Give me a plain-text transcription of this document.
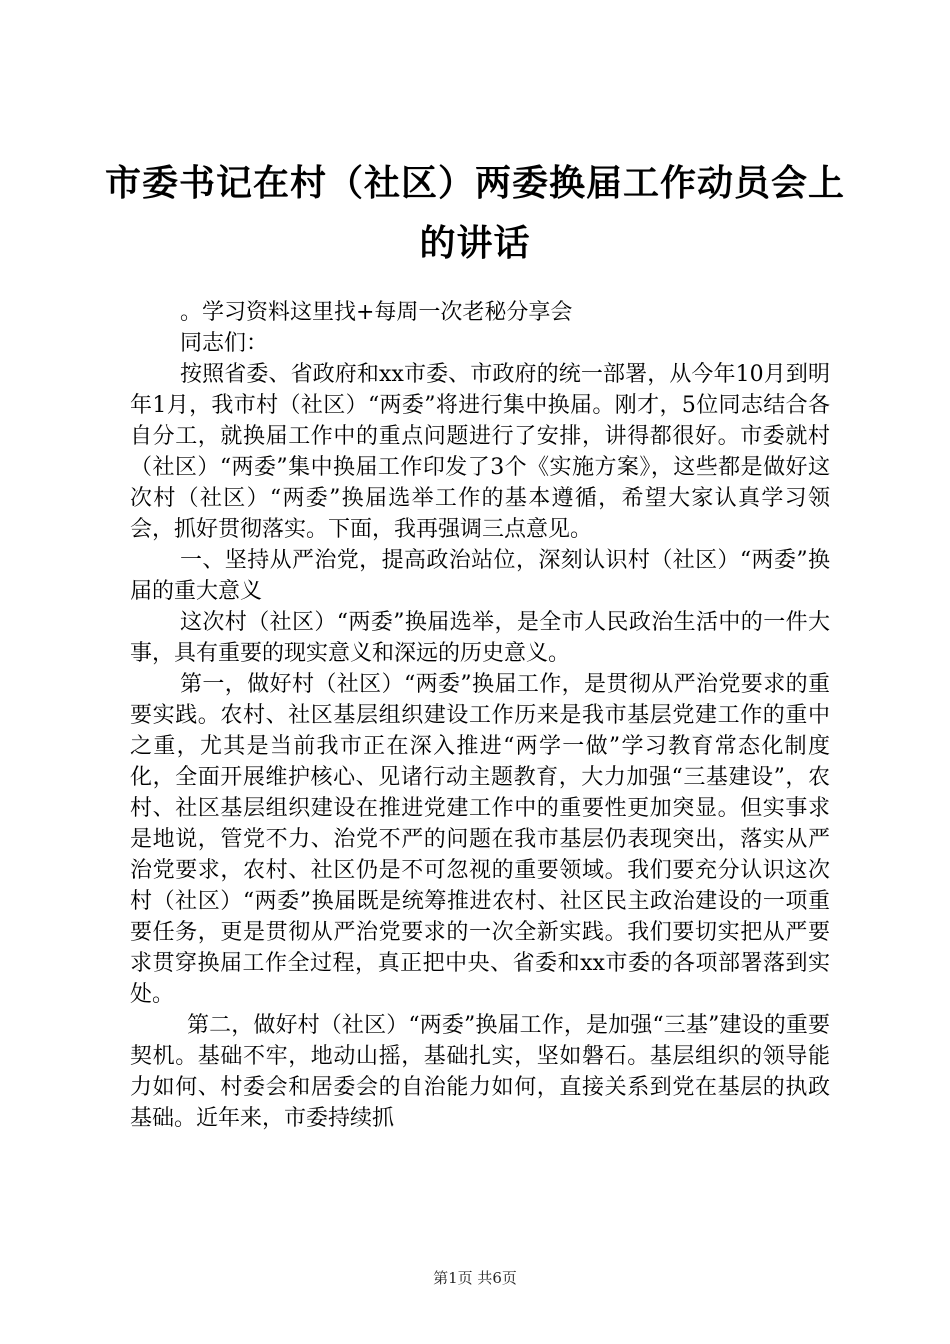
市委书记在村（社区）两委换届工作动员会上
的讲话

。学习资料这里找+每周一次老秘分享会

同志们：

按照省委、省政府和xx市委、市政府的统一部署，从今年10月到明年1月，我市村（社区）“两委”将进行集中换届。刚才，5位同志结合各自分工，就换届工作中的重点问题进行了安排，讲得都很好。市委就村（社区）“两委”集中换届工作印发了3个《实施方案》，这些都是做好这次村（社区）“两委”换届选举工作的基本遵循，希望大家认真学习领会，抓好贯彻落实。下面，我再强调三点意见。

一、坚持从严治党，提高政治站位，深刻认识村（社区）“两委”换届的重大意义

这次村（社区）“两委”换届选举，是全市人民政治生活中的一件大事，具有重要的现实意义和深远的历史意义。

第一，做好村（社区）“两委”换届工作，是贯彻从严治党要求的重要实践。农村、社区基层组织建设工作历来是我市基层党建工作的重中之重，尤其是当前我市正在深入推进“两学一做”学习教育常态化制度化，全面开展维护核心、见诸行动主题教育，大力加强“三基建设”，农村、社区基层组织建设在推进党建工作中的重要性更加突显。但实事求是地说，管党不力、治党不严的问题在我市基层仍表现突出，落实从严治党要求，农村、社区仍是不可忽视的重要领域。我们要充分认识这次村（社区）“两委”换届既是统筹推进农村、社区民主政治建设的一项重要任务，更是贯彻从严治党要求的一次全新实践。我们要切实把从严要求贯穿换届工作全过程，真正把中央、省委和xx市委的各项部署落到实处。

第二，做好村（社区）“两委”换届工作，是加强“三基”建设的重要契机。基础不牢，地动山摇，基础扎实，坚如磐石。基层组织的领导能力如何、村委会和居委会的自治能力如何，直接关系到党在基层的执政基础。近年来，市委持续抓

第1页 共6页
